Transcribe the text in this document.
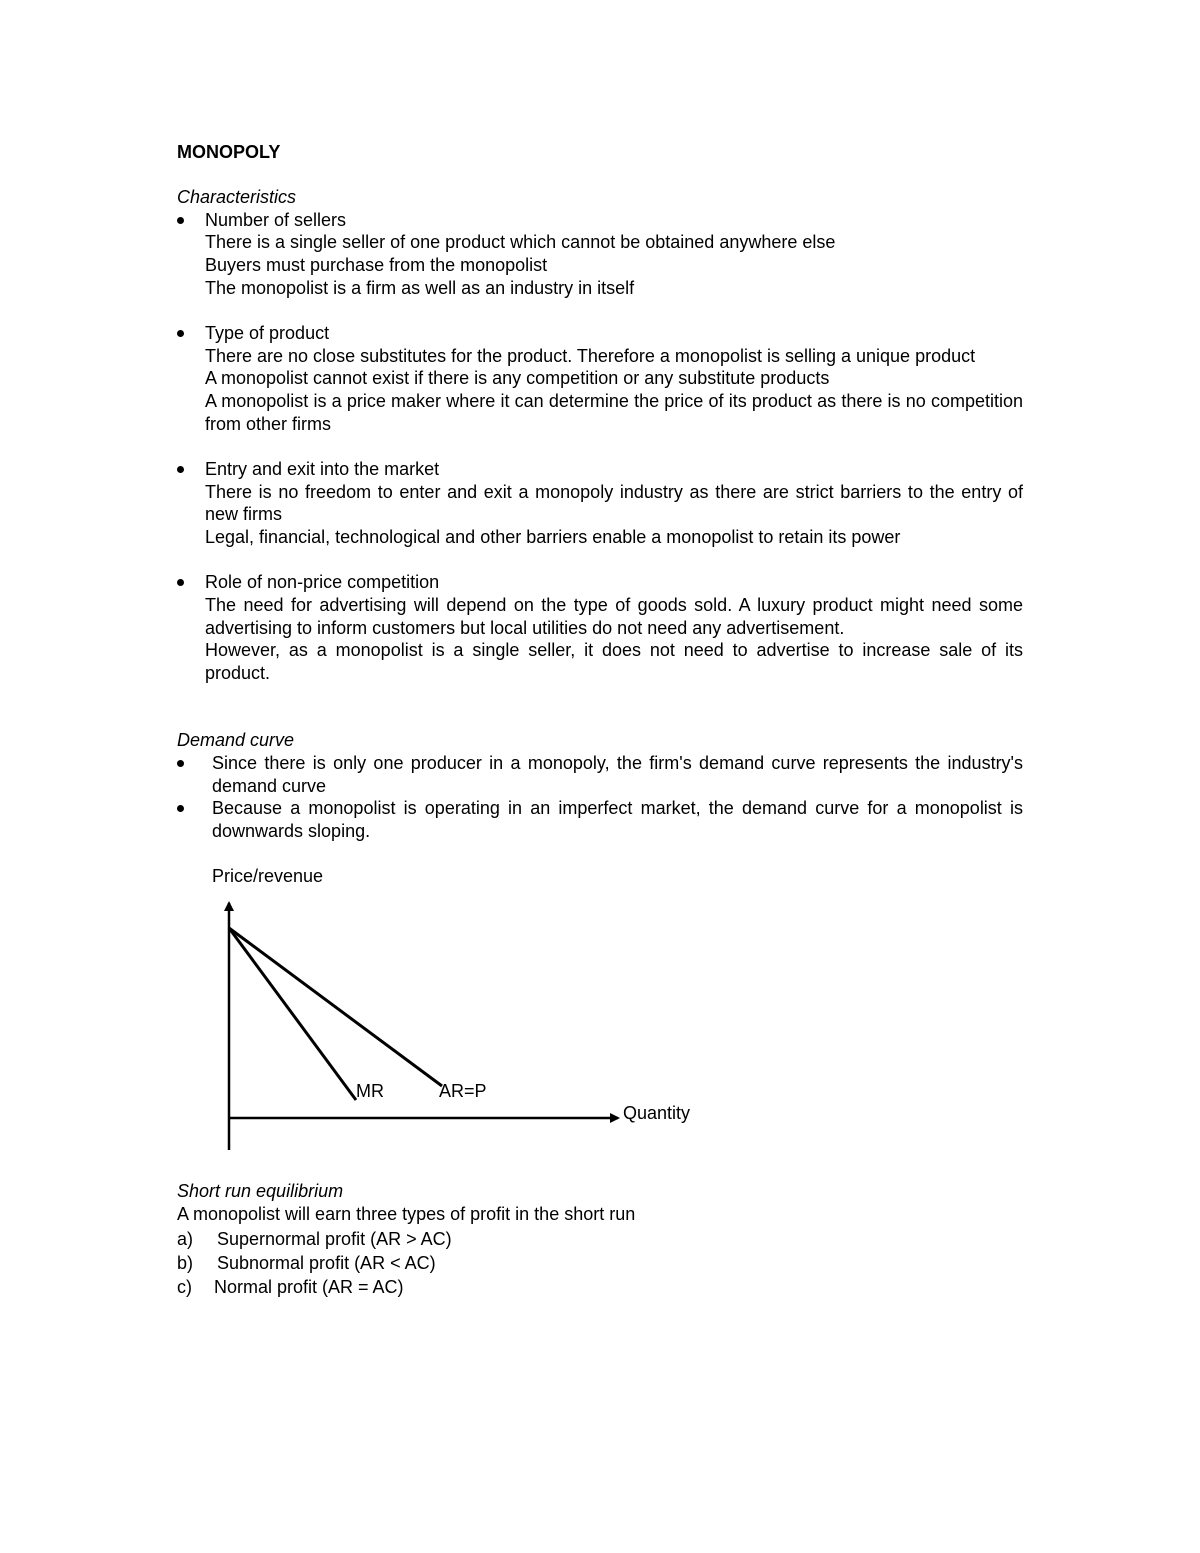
MONOPOLY

Characteristics

Number of sellers
There is a single seller of one product which cannot be obtained anywhere else
Buyers must purchase from the monopolist
The monopolist is a firm as well as an industry in itself
Type of product
There are no close substitutes for the product. Therefore a monopolist is selling a unique product
A monopolist cannot exist if there is any competition or any substitute products
A monopolist is a price maker where it can determine the price of its product as there is no competition from other firms
Entry and exit into the market
There is no freedom to enter and exit a monopoly industry as there are strict barriers to the entry of new firms
Legal, financial, technological and other barriers enable a monopolist to retain its power
Role of non-price competition
The need for advertising will depend on the type of goods sold. A luxury product might need some advertising to inform customers but local utilities do not need any advertisement.
However, as a monopolist is a single seller, it does not need to advertise to increase sale of its product.

Demand curve

Since there is only one producer in a monopoly, the firm's demand curve represents the industry's demand curve
Because a monopolist is operating in an imperfect market, the demand curve for a monopolist is downwards sloping.
Price/revenue
MR	AR=P
Quantity

Short run equilibrium

A monopolist will earn three types of profit in the short run

a) Supernormal profit (AR > AC)
b) Subnormal profit (AR < AC)
c) Normal profit (AR = AC)
